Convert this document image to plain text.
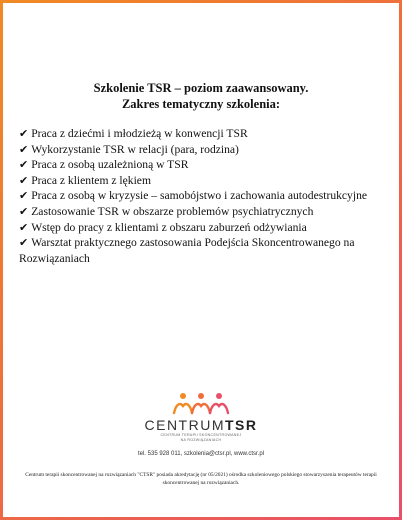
Szkolenie TSR – poziom zaawansowany.
Zakres tematyczny szkolenia:
✔ Praca z dziećmi i młodzieżą w konwencji TSR
✔ Wykorzystanie TSR w relacji (para, rodzina)
✔ Praca z osobą uzależnioną w TSR
✔ Praca z klientem z lękiem
✔ Praca z osobą w kryzysie – samobójstwo i zachowania autodestrukcyjne
✔ Zastosowanie TSR w obszarze problemów psychiatrycznych
✔ Wstęp do pracy z klientami z obszaru zaburzeń odżywiania
✔ Warsztat praktycznego zastosowania Podejścia Skoncentrowanego na Rozwiązaniach
CENTRUMTSR
CENTRUM TERAPII SKONCENTROWANEJ
NA ROZWIĄZANIACH
tel. 535 928 011, szkolenia@ctsr.pl, www.ctsr.pl
Centrum terapii skoncentrowanej na rozwiązaniach "CTSR" posiada akredytację (nr 05/2021) ośrodka szkoleniowego polskiego stowarzyszenia terapeutów terapii skoncentrowanej na rozwiązaniach.
